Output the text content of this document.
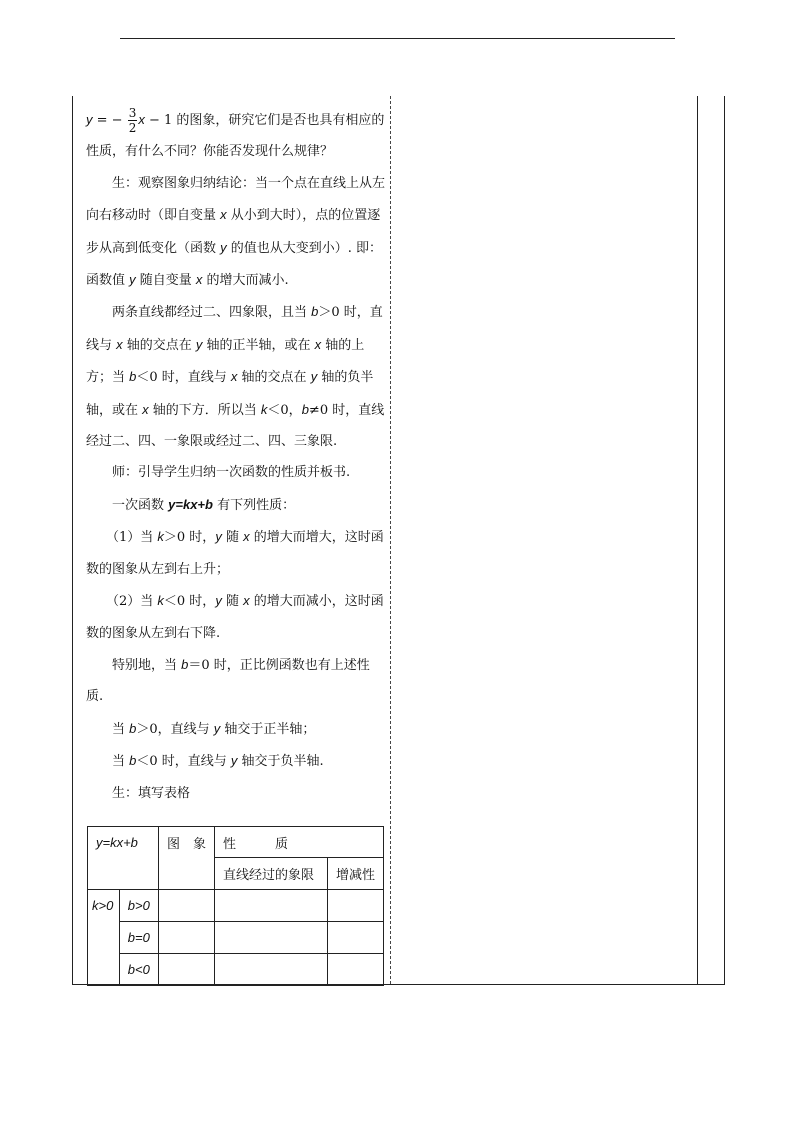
y = − $\frac{3}{2}$ x − 1 的图象，研究它们是否也具有相应的性质，有什么不同？你能否发现什么规律？

生：观察图象归纳结论：当一个点在直线上从左向右移动时（即自变量 x 从小到大时），点的位置逐步从高到低变化（函数 y 的值也从大变到小）. 即：函数值 y 随自变量 x 的增大而减小.

两条直线都经过二、四象限，且当 b＞0 时，直线与 x 轴的交点在 y 轴的正半轴，或在 x 轴的上方；当 b＜0 时，直线与 x 轴的交点在 y 轴的负半轴，或在 x 轴的下方．所以当 k＜0，b≠0 时，直线经过二、四、一象限或经过二、四、三象限.

师：引导学生归纳一次函数的性质并板书.

一次函数 y=kx+b 有下列性质：

（1）当 k＞0 时，y 随 x 的增大而增大，这时函数的图象从左到右上升；

（2）当 k＜0 时，y 随 x 的增大而减小，这时函数的图象从左到右下降.

特别地，当 b＝0 时，正比例函数也有上述性质.

当 b＞0，直线与 y 轴交于正半轴；

当 b＜0 时，直线与 y 轴交于负半轴.

生：填写表格

y=kx+b		图　象	性　　　质	
			直线经过的象限	增减性
k>0	b>0			
	b=0			
	b<0			
